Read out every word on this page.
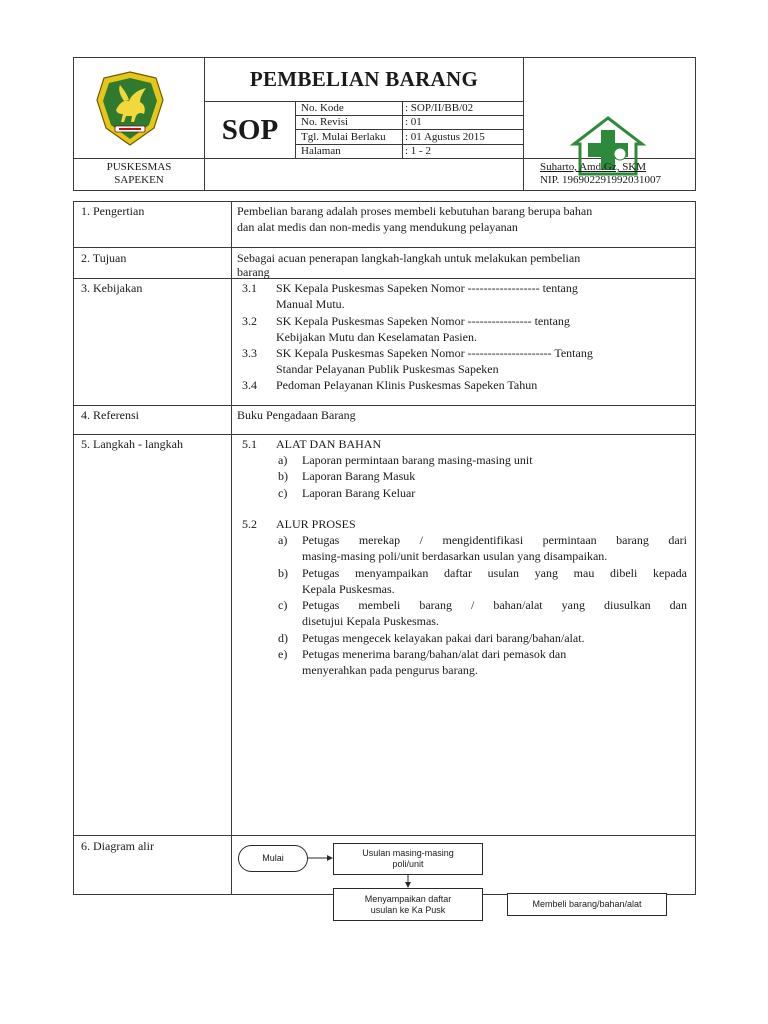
PEMBELIAN BARANG
SOP
No. Kode	: SOP/II/BB/02
No. Revisi	: 01
Tgl. Mulai Berlaku : 01 Agustus 2015
Halaman	: 1 - 2
PUSKESMAS
SAPEKEN
Suharto, Amd.Gz, SKM
NIP. 196902291992031007
1. Pengertian	Pembelian barang adalah proses membeli kebutuhan barang berupa bahan
dan alat medis dan non-medis yang mendukung pelayanan
2. Tujuan	Sebagai acuan penerapan langkah-langkah untuk melakukan pembelian
barang
3. Kebijakan	3.1 SK Kepala Puskesmas Sapeken Nomor ------------------ tentang
Manual Mutu.
3.2 SK Kepala Puskesmas Sapeken Nomor ---------------- tentang
Kebijakan Mutu dan Keselamatan Pasien.
3.3 SK Kepala Puskesmas Sapeken Nomor --------------------- Tentang
Standar Pelayanan Publik Puskesmas Sapeken
3.4 Pedoman Pelayanan Klinis Puskesmas Sapeken Tahun
4. Referensi	Buku Pengadaan Barang
5. Langkah - langkah	5.1 ALAT DAN BAHAN
a) Laporan permintaan barang masing-masing unit
b) Laporan Barang Masuk
c) Laporan Barang Keluar
5.2 ALUR PROSES
a) Petugas merekap / mengidentifikasi permintaan barang dari
masing-masing poli/unit berdasarkan usulan yang disampaikan.
b) Petugas menyampaikan daftar usulan yang mau dibeli kepada
Kepala Puskesmas.
c) Petugas membeli barang / bahan/alat yang diusulkan dan
disetujui Kepala Puskesmas.
d) Petugas mengecek kelayakan pakai dari barang/bahan/alat.
e) Petugas menerima barang/bahan/alat dari pemasok dan
menyerahkan pada pengurus barang.
6. Diagram alir
Mulai	Usulan masing-masing
poli/unit
Menyampaikan daftar
usulan ke Ka Pusk
Membeli barang/bahan/alat
